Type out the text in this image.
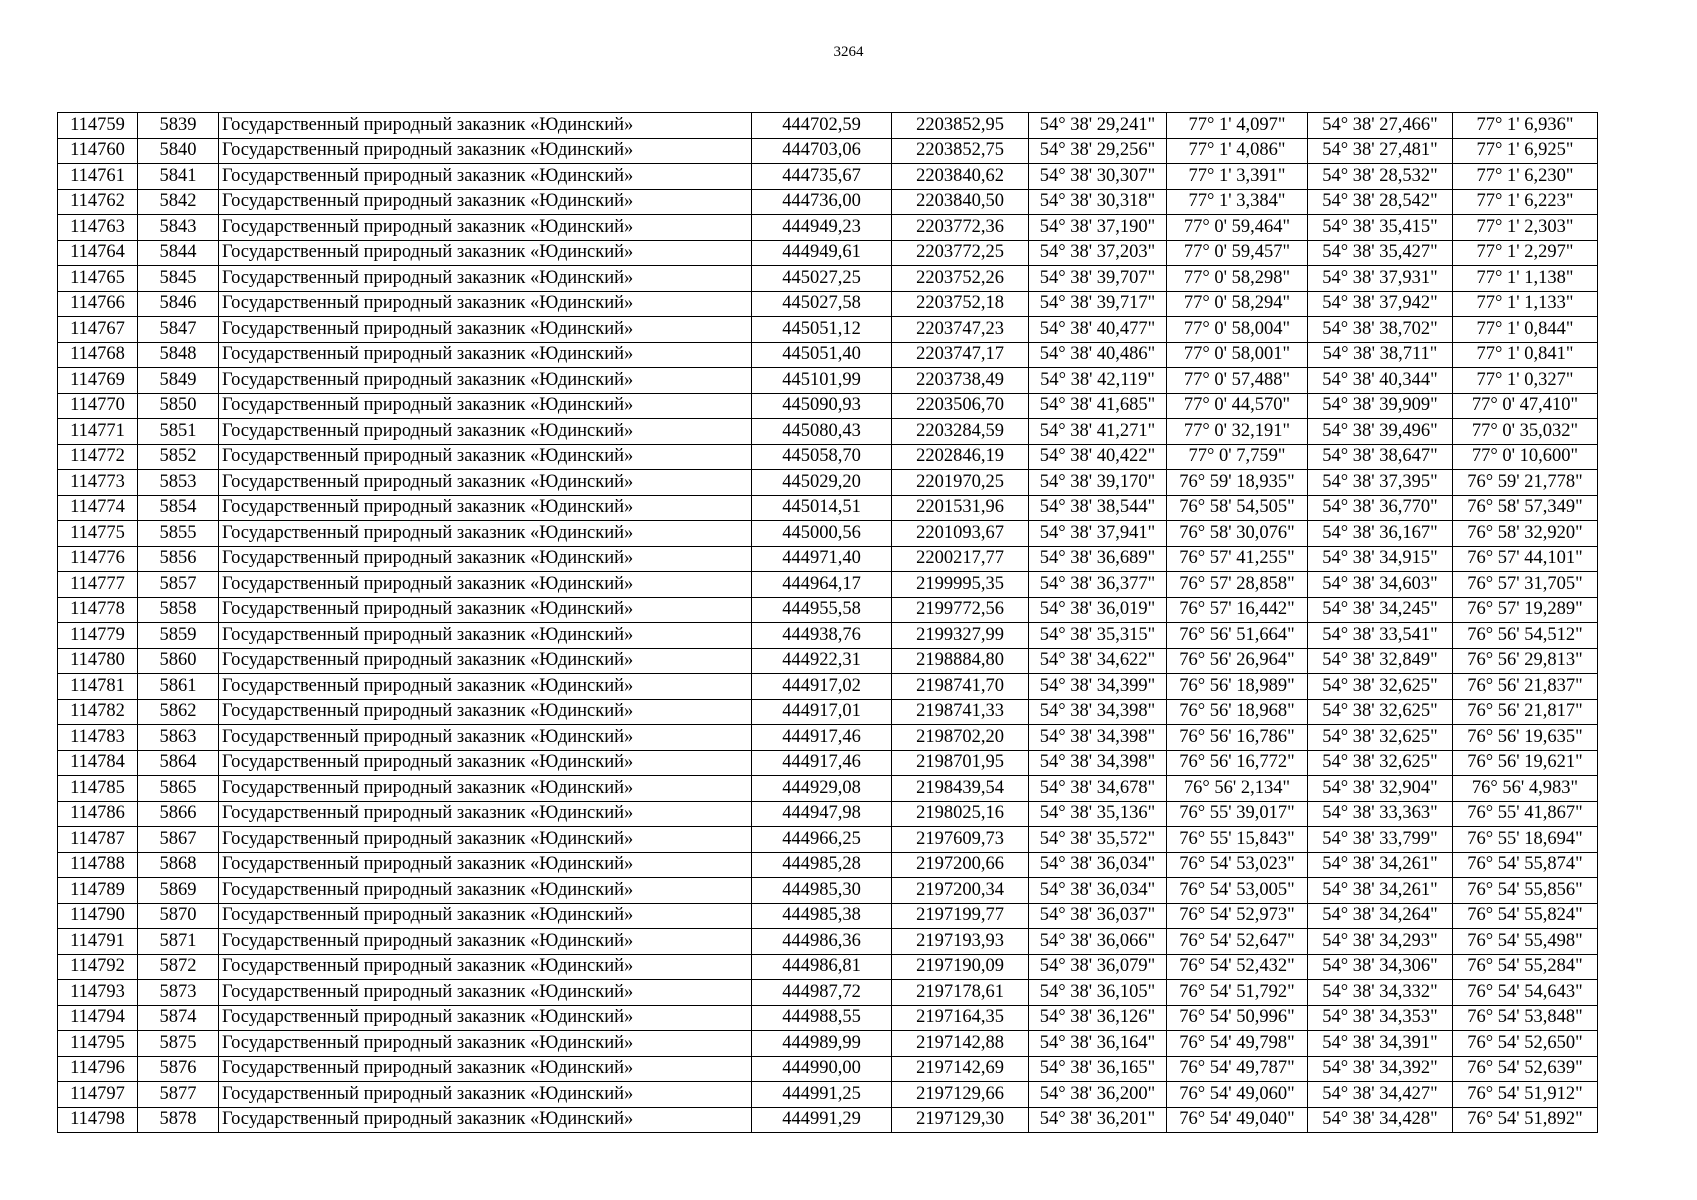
3264
114759	5839	Государственный природный заказник «Юдинский»	444702,59	2203852,95	54° 38' 29,241"	77° 1' 4,097"	54° 38' 27,466"	77° 1' 6,936"
114760	5840	Государственный природный заказник «Юдинский»	444703,06	2203852,75	54° 38' 29,256"	77° 1' 4,086"	54° 38' 27,481"	77° 1' 6,925"
114761	5841	Государственный природный заказник «Юдинский»	444735,67	2203840,62	54° 38' 30,307"	77° 1' 3,391"	54° 38' 28,532"	77° 1' 6,230"
114762	5842	Государственный природный заказник «Юдинский»	444736,00	2203840,50	54° 38' 30,318"	77° 1' 3,384"	54° 38' 28,542"	77° 1' 6,223"
114763	5843	Государственный природный заказник «Юдинский»	444949,23	2203772,36	54° 38' 37,190"	77° 0' 59,464"	54° 38' 35,415"	77° 1' 2,303"
114764	5844	Государственный природный заказник «Юдинский»	444949,61	2203772,25	54° 38' 37,203"	77° 0' 59,457"	54° 38' 35,427"	77° 1' 2,297"
114765	5845	Государственный природный заказник «Юдинский»	445027,25	2203752,26	54° 38' 39,707"	77° 0' 58,298"	54° 38' 37,931"	77° 1' 1,138"
114766	5846	Государственный природный заказник «Юдинский»	445027,58	2203752,18	54° 38' 39,717"	77° 0' 58,294"	54° 38' 37,942"	77° 1' 1,133"
114767	5847	Государственный природный заказник «Юдинский»	445051,12	2203747,23	54° 38' 40,477"	77° 0' 58,004"	54° 38' 38,702"	77° 1' 0,844"
114768	5848	Государственный природный заказник «Юдинский»	445051,40	2203747,17	54° 38' 40,486"	77° 0' 58,001"	54° 38' 38,711"	77° 1' 0,841"
114769	5849	Государственный природный заказник «Юдинский»	445101,99	2203738,49	54° 38' 42,119"	77° 0' 57,488"	54° 38' 40,344"	77° 1' 0,327"
114770	5850	Государственный природный заказник «Юдинский»	445090,93	2203506,70	54° 38' 41,685"	77° 0' 44,570"	54° 38' 39,909"	77° 0' 47,410"
114771	5851	Государственный природный заказник «Юдинский»	445080,43	2203284,59	54° 38' 41,271"	77° 0' 32,191"	54° 38' 39,496"	77° 0' 35,032"
114772	5852	Государственный природный заказник «Юдинский»	445058,70	2202846,19	54° 38' 40,422"	77° 0' 7,759"	54° 38' 38,647"	77° 0' 10,600"
114773	5853	Государственный природный заказник «Юдинский»	445029,20	2201970,25	54° 38' 39,170"	76° 59' 18,935"	54° 38' 37,395"	76° 59' 21,778"
114774	5854	Государственный природный заказник «Юдинский»	445014,51	2201531,96	54° 38' 38,544"	76° 58' 54,505"	54° 38' 36,770"	76° 58' 57,349"
114775	5855	Государственный природный заказник «Юдинский»	445000,56	2201093,67	54° 38' 37,941"	76° 58' 30,076"	54° 38' 36,167"	76° 58' 32,920"
114776	5856	Государственный природный заказник «Юдинский»	444971,40	2200217,77	54° 38' 36,689"	76° 57' 41,255"	54° 38' 34,915"	76° 57' 44,101"
114777	5857	Государственный природный заказник «Юдинский»	444964,17	2199995,35	54° 38' 36,377"	76° 57' 28,858"	54° 38' 34,603"	76° 57' 31,705"
114778	5858	Государственный природный заказник «Юдинский»	444955,58	2199772,56	54° 38' 36,019"	76° 57' 16,442"	54° 38' 34,245"	76° 57' 19,289"
114779	5859	Государственный природный заказник «Юдинский»	444938,76	2199327,99	54° 38' 35,315"	76° 56' 51,664"	54° 38' 33,541"	76° 56' 54,512"
114780	5860	Государственный природный заказник «Юдинский»	444922,31	2198884,80	54° 38' 34,622"	76° 56' 26,964"	54° 38' 32,849"	76° 56' 29,813"
114781	5861	Государственный природный заказник «Юдинский»	444917,02	2198741,70	54° 38' 34,399"	76° 56' 18,989"	54° 38' 32,625"	76° 56' 21,837"
114782	5862	Государственный природный заказник «Юдинский»	444917,01	2198741,33	54° 38' 34,398"	76° 56' 18,968"	54° 38' 32,625"	76° 56' 21,817"
114783	5863	Государственный природный заказник «Юдинский»	444917,46	2198702,20	54° 38' 34,398"	76° 56' 16,786"	54° 38' 32,625"	76° 56' 19,635"
114784	5864	Государственный природный заказник «Юдинский»	444917,46	2198701,95	54° 38' 34,398"	76° 56' 16,772"	54° 38' 32,625"	76° 56' 19,621"
114785	5865	Государственный природный заказник «Юдинский»	444929,08	2198439,54	54° 38' 34,678"	76° 56' 2,134"	54° 38' 32,904"	76° 56' 4,983"
114786	5866	Государственный природный заказник «Юдинский»	444947,98	2198025,16	54° 38' 35,136"	76° 55' 39,017"	54° 38' 33,363"	76° 55' 41,867"
114787	5867	Государственный природный заказник «Юдинский»	444966,25	2197609,73	54° 38' 35,572"	76° 55' 15,843"	54° 38' 33,799"	76° 55' 18,694"
114788	5868	Государственный природный заказник «Юдинский»	444985,28	2197200,66	54° 38' 36,034"	76° 54' 53,023"	54° 38' 34,261"	76° 54' 55,874"
114789	5869	Государственный природный заказник «Юдинский»	444985,30	2197200,34	54° 38' 36,034"	76° 54' 53,005"	54° 38' 34,261"	76° 54' 55,856"
114790	5870	Государственный природный заказник «Юдинский»	444985,38	2197199,77	54° 38' 36,037"	76° 54' 52,973"	54° 38' 34,264"	76° 54' 55,824"
114791	5871	Государственный природный заказник «Юдинский»	444986,36	2197193,93	54° 38' 36,066"	76° 54' 52,647"	54° 38' 34,293"	76° 54' 55,498"
114792	5872	Государственный природный заказник «Юдинский»	444986,81	2197190,09	54° 38' 36,079"	76° 54' 52,432"	54° 38' 34,306"	76° 54' 55,284"
114793	5873	Государственный природный заказник «Юдинский»	444987,72	2197178,61	54° 38' 36,105"	76° 54' 51,792"	54° 38' 34,332"	76° 54' 54,643"
114794	5874	Государственный природный заказник «Юдинский»	444988,55	2197164,35	54° 38' 36,126"	76° 54' 50,996"	54° 38' 34,353"	76° 54' 53,848"
114795	5875	Государственный природный заказник «Юдинский»	444989,99	2197142,88	54° 38' 36,164"	76° 54' 49,798"	54° 38' 34,391"	76° 54' 52,650"
114796	5876	Государственный природный заказник «Юдинский»	444990,00	2197142,69	54° 38' 36,165"	76° 54' 49,787"	54° 38' 34,392"	76° 54' 52,639"
114797	5877	Государственный природный заказник «Юдинский»	444991,25	2197129,66	54° 38' 36,200"	76° 54' 49,060"	54° 38' 34,427"	76° 54' 51,912"
114798	5878	Государственный природный заказник «Юдинский»	444991,29	2197129,30	54° 38' 36,201"	76° 54' 49,040"	54° 38' 34,428"	76° 54' 51,892"
